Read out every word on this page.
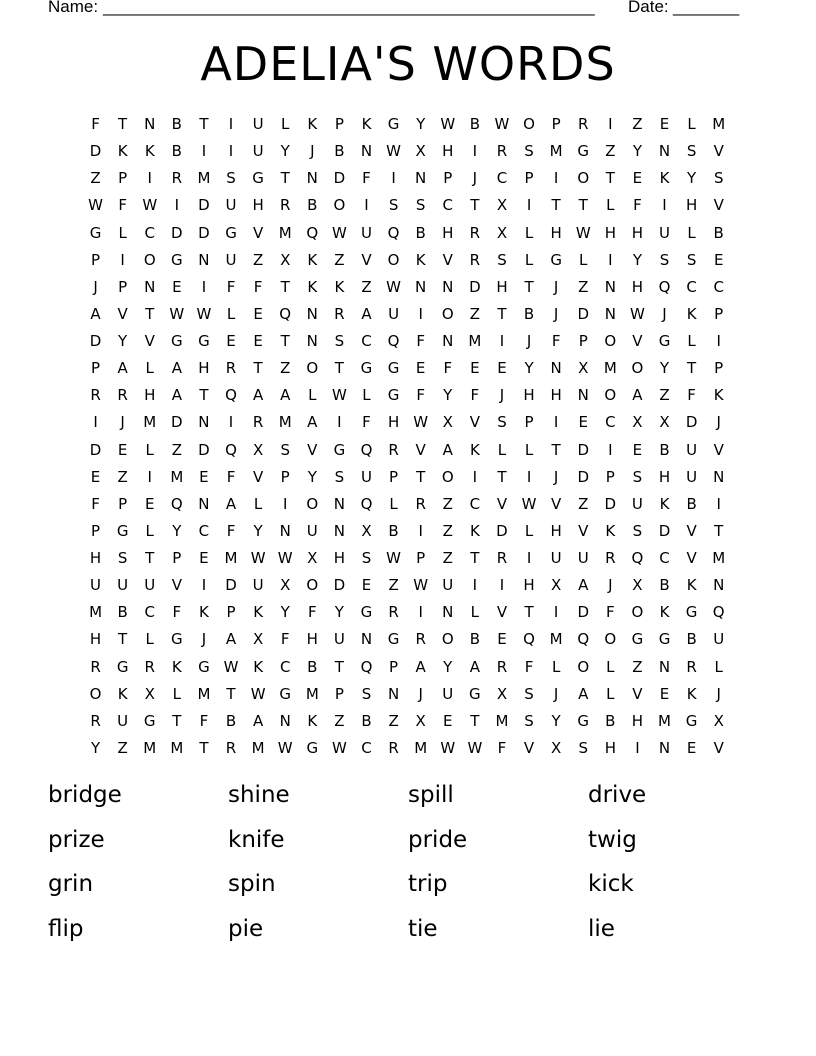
Name: ____________________________________________________ Date: _______
ADELIA'S WORDS
F	T	N	B	T	I	U	L	K	P	K	G	Y	W B W O	P	R	I	Z	E	L	M
D	K	K	B	I	I	U	Y	J	B	N W X	H	I	R	S	M G	Z	Y	N	S	V
Z	P	I	R	M	S	G	T	N	D	F	I	N	P	J	C	P	I	O	T	E	K	Y	S
W	F	W	I	D	U	H	R	B	O	I	S	S	C	T	X	I	T	T	L	F	I	H	V
G	L	C	D	D	G	V	M Q W U	Q	B	H	R	X	L	H W H	H	U	L	B
P	I	O	G	N	U	Z	X	K	Z	V	O	K	V	R	S	L	G	L	I	Y	S	S	E
J	P	N	E	I	F	F	T	K	K	Z W N	N	D	H	T	J	Z	N	H	Q	C	C
A	V	T	W W	L	E	Q	N	R	A	U	I	O	Z	T	B	J	D	N W	J	K	P
D	Y	V	G	G	E	E	T	N	S	C	Q	F	N	M	I	J	F	P	O	V	G	L	I
P	A	L	A	H	R	T	Z	O	T	G	G	E	F	E	E	Y	N	X	M O	Y	T	P
R	R	H	A	T	Q	A	A	L	W	L	G	F	Y	F	J	H	H	N	O	A	Z	F	K
I	J	M D	N	I	R	M	A	I	F	H W X	V	S	P	I	E	C	X	X	D	J
D	E	L	Z	D	Q	X	S	V	G	Q	R	V	A	K	L	L	T	D	I	E	B	U	V
E	Z	I	M	E	F	V	P	Y	S	U	P	T	O	I	T	I	J	D	P	S	H	U	N
F	P	E	Q	N	A	L	I	O	N	Q	L	R	Z	C	V W V	Z	D	U	K	B	I
P	G	L	Y	C	F	Y	N	U	N	X	B	I	Z	K	D	L	H	V	K	S	D	V	T
H	S	T	P	E	M W W X	H	S W	P	Z	T	R	I	U	U	R	Q	C	V	M
U	U	U	V	I	D	U	X	O	D	E	Z W U	I	I	H	X	A	J	X	B	K	N
M	B	C	F	K	P	K	Y	F	Y	G	R	I	N	L	V	T	I	D	F	O	K	G	Q
H	T	L	G	J	A	X	F	H	U	N	G	R	O	B	E	Q M Q	O	G	G	B	U
R	G	R	K	G W K	C	B	T	Q	P	A	Y	A	R	F	L	O	L	Z	N	R	L
O	K	X	L	M	T	W G M	P	S	N	J	U	G	X	S	J	A	L	V	E	K	J
R	U	G	T	F	B	A	N	K	Z	B	Z	X	E	T	M	S	Y	G	B	H M G	X
Y	Z	M M	T	R	M W G W C	R	M W W	F	V	X	S	H	I	N	E	V
bridge	shine	spill	drive
prize	knife	pride	twig
grin	spin	trip	kick
flip	pie	tie	lie
